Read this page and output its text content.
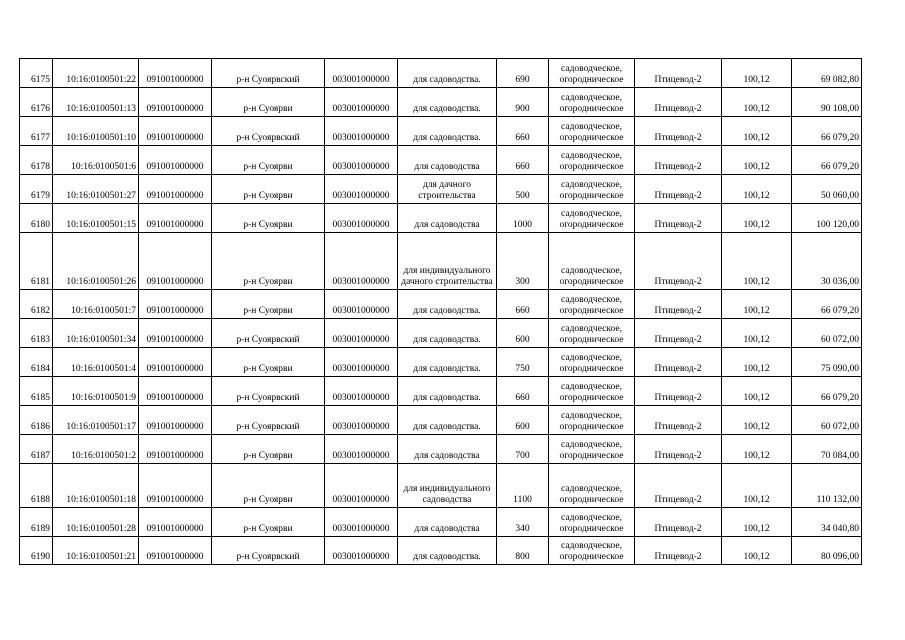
6175	10:16:0100501:22	091001000000	р-н Суоярвский	003001000000	для садоводства.	690	садоводческое, огородническое	Птицевод-2	100,12	69 082,80
6176	10:16:0100501:13	091001000000	р-н Суоярви	003001000000	для садоводства.	900	садоводческое, огородническое	Птицевод-2	100,12	90 108,00
6177	10:16:0100501:10	091001000000	р-н Суоярвский	003001000000	для садоводства.	660	садоводческое, огородническое	Птицевод-2	100,12	66 079,20
6178	10:16:0100501:6	091001000000	р-н Суоярви	003001000000	для садоводства	660	садоводческое, огородническое	Птицевод-2	100,12	66 079,20
6179	10:16:0100501:27	091001000000	р-н Суоярви	003001000000	для дачного строительства	500	садоводческое, огородническое	Птицевод-2	100,12	50 060,00
6180	10:16:0100501:15	091001000000	р-н Суоярви	003001000000	для садоводства	1000	садоводческое, огородническое	Птицевод-2	100,12	100 120,00
6181	10:16:0100501:26	091001000000	р-н Суоярви	003001000000	для индивидуального дачного строительства	300	садоводческое, огородническое	Птицевод-2	100,12	30 036,00
6182	10:16:0100501:7	091001000000	р-н Суоярви	003001000000	для садоводства.	660	садоводческое, огородническое	Птицевод-2	100,12	66 079,20
6183	10:16:0100501:34	091001000000	р-н Суоярвский	003001000000	для садоводства.	600	садоводческое, огородническое	Птицевод-2	100,12	60 072,00
6184	10:16:0100501:4	091001000000	р-н Суоярви	003001000000	для садоводства.	750	садоводческое, огородническое	Птицевод-2	100,12	75 090,00
6185	10:16:0100501:9	091001000000	р-н Суоярвский	003001000000	для садоводства.	660	садоводческое, огородническое	Птицевод-2	100,12	66 079,20
6186	10:16:0100501:17	091001000000	р-н Суоярвский	003001000000	для садоводства.	600	садоводческое, огородническое	Птицевод-2	100,12	60 072,00
6187	10:16:0100501:2	091001000000	р-н Суоярви	003001000000	для садоводства	700	садоводческое, огородническое	Птицевод-2	100,12	70 084,00
6188	10:16:0100501:18	091001000000	р-н Суоярви	003001000000	для индивидуального садоводства	1100	садоводческое, огородническое	Птицевод-2	100,12	110 132,00
6189	10:16:0100501:28	091001000000	р-н Суоярви	003001000000	для садоводства	340	садоводческое, огородническое	Птицевод-2	100,12	34 040,80
6190	10:16:0100501:21	091001000000	р-н Суоярвский	003001000000	для садоводства.	800	садоводческое, огородническое	Птицевод-2	100,12	80 096,00
